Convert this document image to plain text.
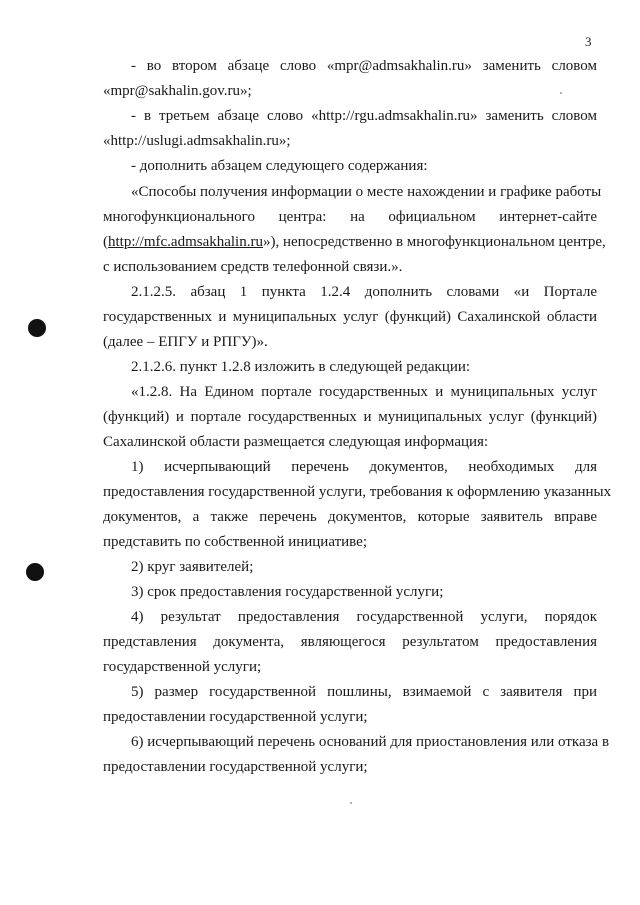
3
- во втором абзаце слово «mpr@admsakhalin.ru» заменить словом
«mpr@sakhalin.gov.ru»;
- в третьем абзаце слово «http://rgu.admsakhalin.ru» заменить словом
«http://uslugi.admsakhalin.ru»;
- дополнить абзацем следующего содержания:
«Способы получения информации о месте нахождении и графике работы
многофункционального центра: на официальном интернет-сайте
(http://mfc.admsakhalin.ru»), непосредственно в многофункциональном центре,
с использованием средств телефонной связи.».
2.1.2.5. абзац 1 пункта 1.2.4 дополнить словами «и Портале
государственных и муниципальных услуг (функций) Сахалинской области
(далее – ЕПГУ и РПГУ)».
2.1.2.6. пункт 1.2.8 изложить в следующей редакции:
«1.2.8. На Едином портале государственных и муниципальных услуг
(функций) и портале государственных и муниципальных услуг (функций)
Сахалинской области размещается следующая информация:
1) исчерпывающий перечень документов, необходимых для
предоставления государственной услуги, требования к оформлению указанных
документов, а также перечень документов, которые заявитель вправе
представить по собственной инициативе;
2) круг заявителей;
3) срок предоставления государственной услуги;
4) результат предоставления государственной услуги, порядок
представления документа, являющегося результатом предоставления
государственной услуги;
5) размер государственной пошлины, взимаемой с заявителя при
предоставлении государственной услуги;
6) исчерпывающий перечень оснований для приостановления или отказа в
предоставлении государственной услуги;
